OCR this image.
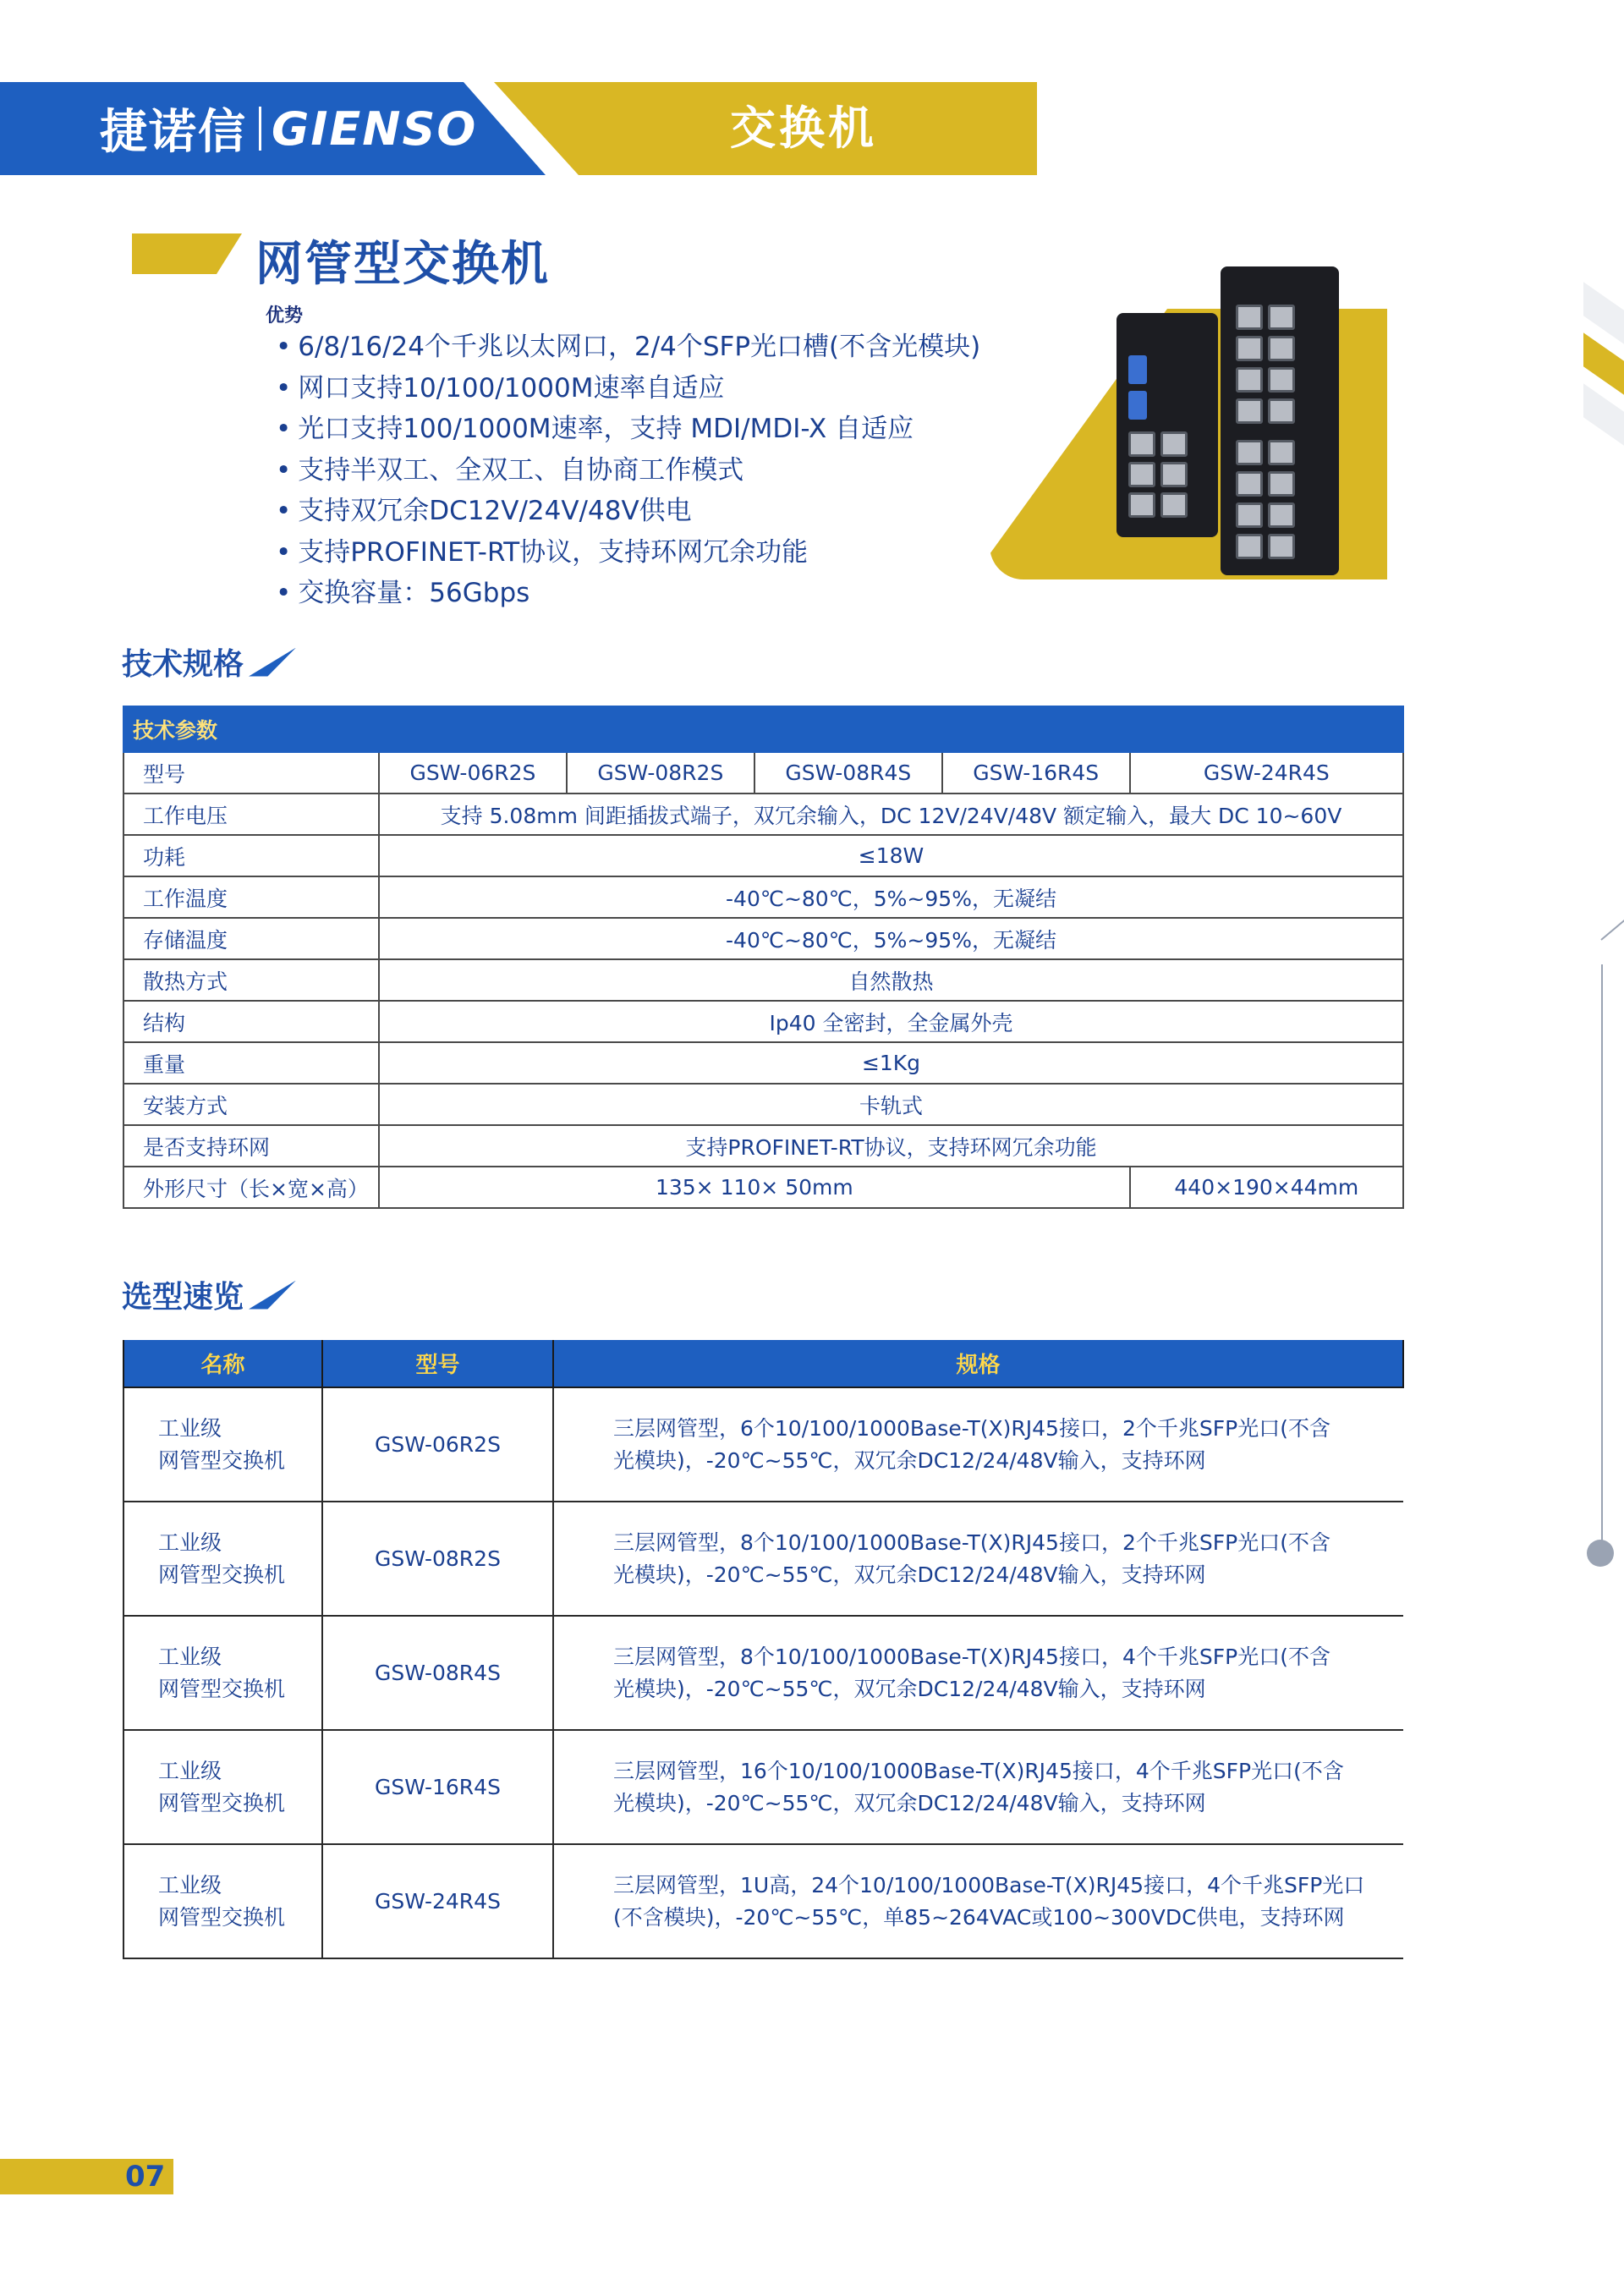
捷诺信 GIENSO	交换机
网管型交换机
优势
• 6/8/16/24个千兆以太网口，2/4个SFP光口槽(不含光模块)
• 网口支持10/100/1000M速率自适应
• 光口支持100/1000M速率，支持 MDI/MDI-X 自适应
• 支持半双工、全双工、自协商工作模式
• 支持双冗余DC12V/24V/48V供电
• 支持PROFINET-RT协议，支持环网冗余功能
• 交换容量：56Gbps
技术规格
技术参数					
型号	GSW-06R2S	GSW-08R2S	GSW-08R4S	GSW-16R4S	GSW-24R4S
工作电压	支持 5.08mm 间距插拔式端子，双冗余输入，DC 12V/24V/48V 额定输入，最大 DC 10~60V				
功耗	≤18W				
工作温度	-40℃~80℃，5%~95%，无凝结				
存储温度	-40℃~80℃，5%~95%，无凝结				
散热方式	自然散热				
结构	Ip40 全密封，全金属外壳				
重量	≤1Kg				
安装方式	卡轨式				
是否支持环网	支持PROFINET-RT协议，支持环网冗余功能				
外形尺寸（长×宽×高）	135× 110× 50mm				440×190×44mm
选型速览
名称	型号	规格
工业级
网管型交换机	GSW-06R2S	三层网管型，6个10/100/1000Base-T(X)RJ45接口，2个千兆SFP光口(不含
光模块)，-20℃~55℃，双冗余DC12/24/48V输入，支持环网
工业级
网管型交换机	GSW-08R2S	三层网管型，8个10/100/1000Base-T(X)RJ45接口，2个千兆SFP光口(不含
光模块)，-20℃~55℃，双冗余DC12/24/48V输入，支持环网
工业级
网管型交换机	GSW-08R4S	三层网管型，8个10/100/1000Base-T(X)RJ45接口，4个千兆SFP光口(不含
光模块)，-20℃~55℃，双冗余DC12/24/48V输入，支持环网
工业级
网管型交换机	GSW-16R4S	三层网管型，16个10/100/1000Base-T(X)RJ45接口，4个千兆SFP光口(不含
光模块)，-20℃~55℃，双冗余DC12/24/48V输入，支持环网
工业级
网管型交换机	GSW-24R4S	三层网管型，1U高，24个10/100/1000Base-T(X)RJ45接口，4个千兆SFP光口
(不含模块)，-20℃~55℃，单85~264VAC或100~300VDC供电，支持环网
07
